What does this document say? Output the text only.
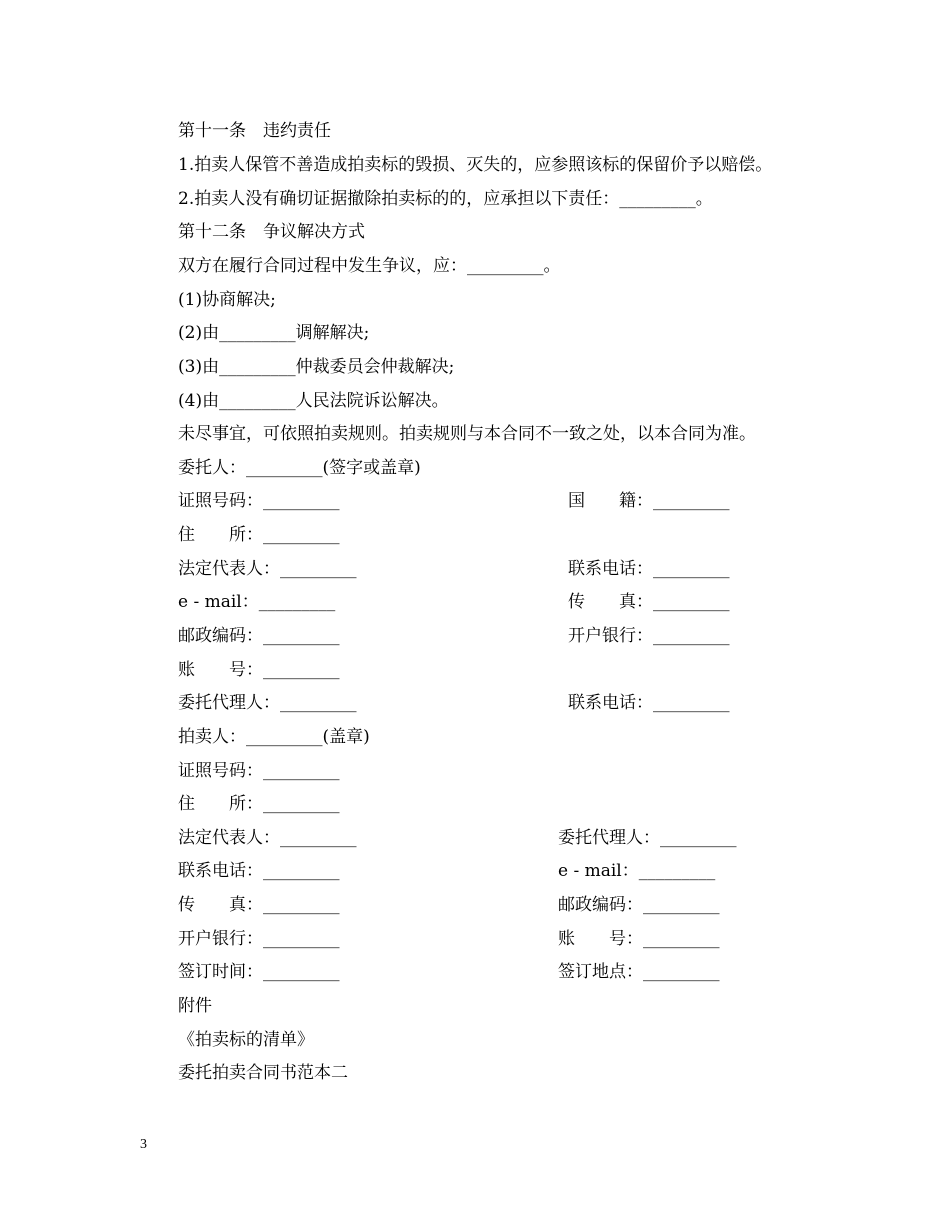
第十一条　违约责任
1.拍卖人保管不善造成拍卖标的毁损、灭失的，应参照该标的保留价予以赔偿。
2.拍卖人没有确切证据撤除拍卖标的的，应承担以下责任：_________。
第十二条　争议解决方式
双方在履行合同过程中发生争议，应：_________。
(1)协商解决;
(2)由_________调解解决;
(3)由_________仲裁委员会仲裁解决;
(4)由_________人民法院诉讼解决。
未尽事宜，可依照拍卖规则。拍卖规则与本合同不一致之处，以本合同为准。
委托人：_________(签字或盖章)
证照号码：_________	国　　籍：_________
住　　所：_________
法定代表人：_________	联系电话：_________
e - mail：_________	传　　真：_________
邮政编码：_________	开户银行：_________
账　　号：_________
委托代理人：_________	联系电话：_________
拍卖人：_________(盖章)
证照号码：_________
住　　所：_________
法定代表人：_________	委托代理人：_________
联系电话：_________	e - mail：_________
传　　真：_________	邮政编码：_________
开户银行：_________	账　　号：_________
签订时间：_________	签订地点：_________
附件
《拍卖标的清单》
委托拍卖合同书范本二
3
